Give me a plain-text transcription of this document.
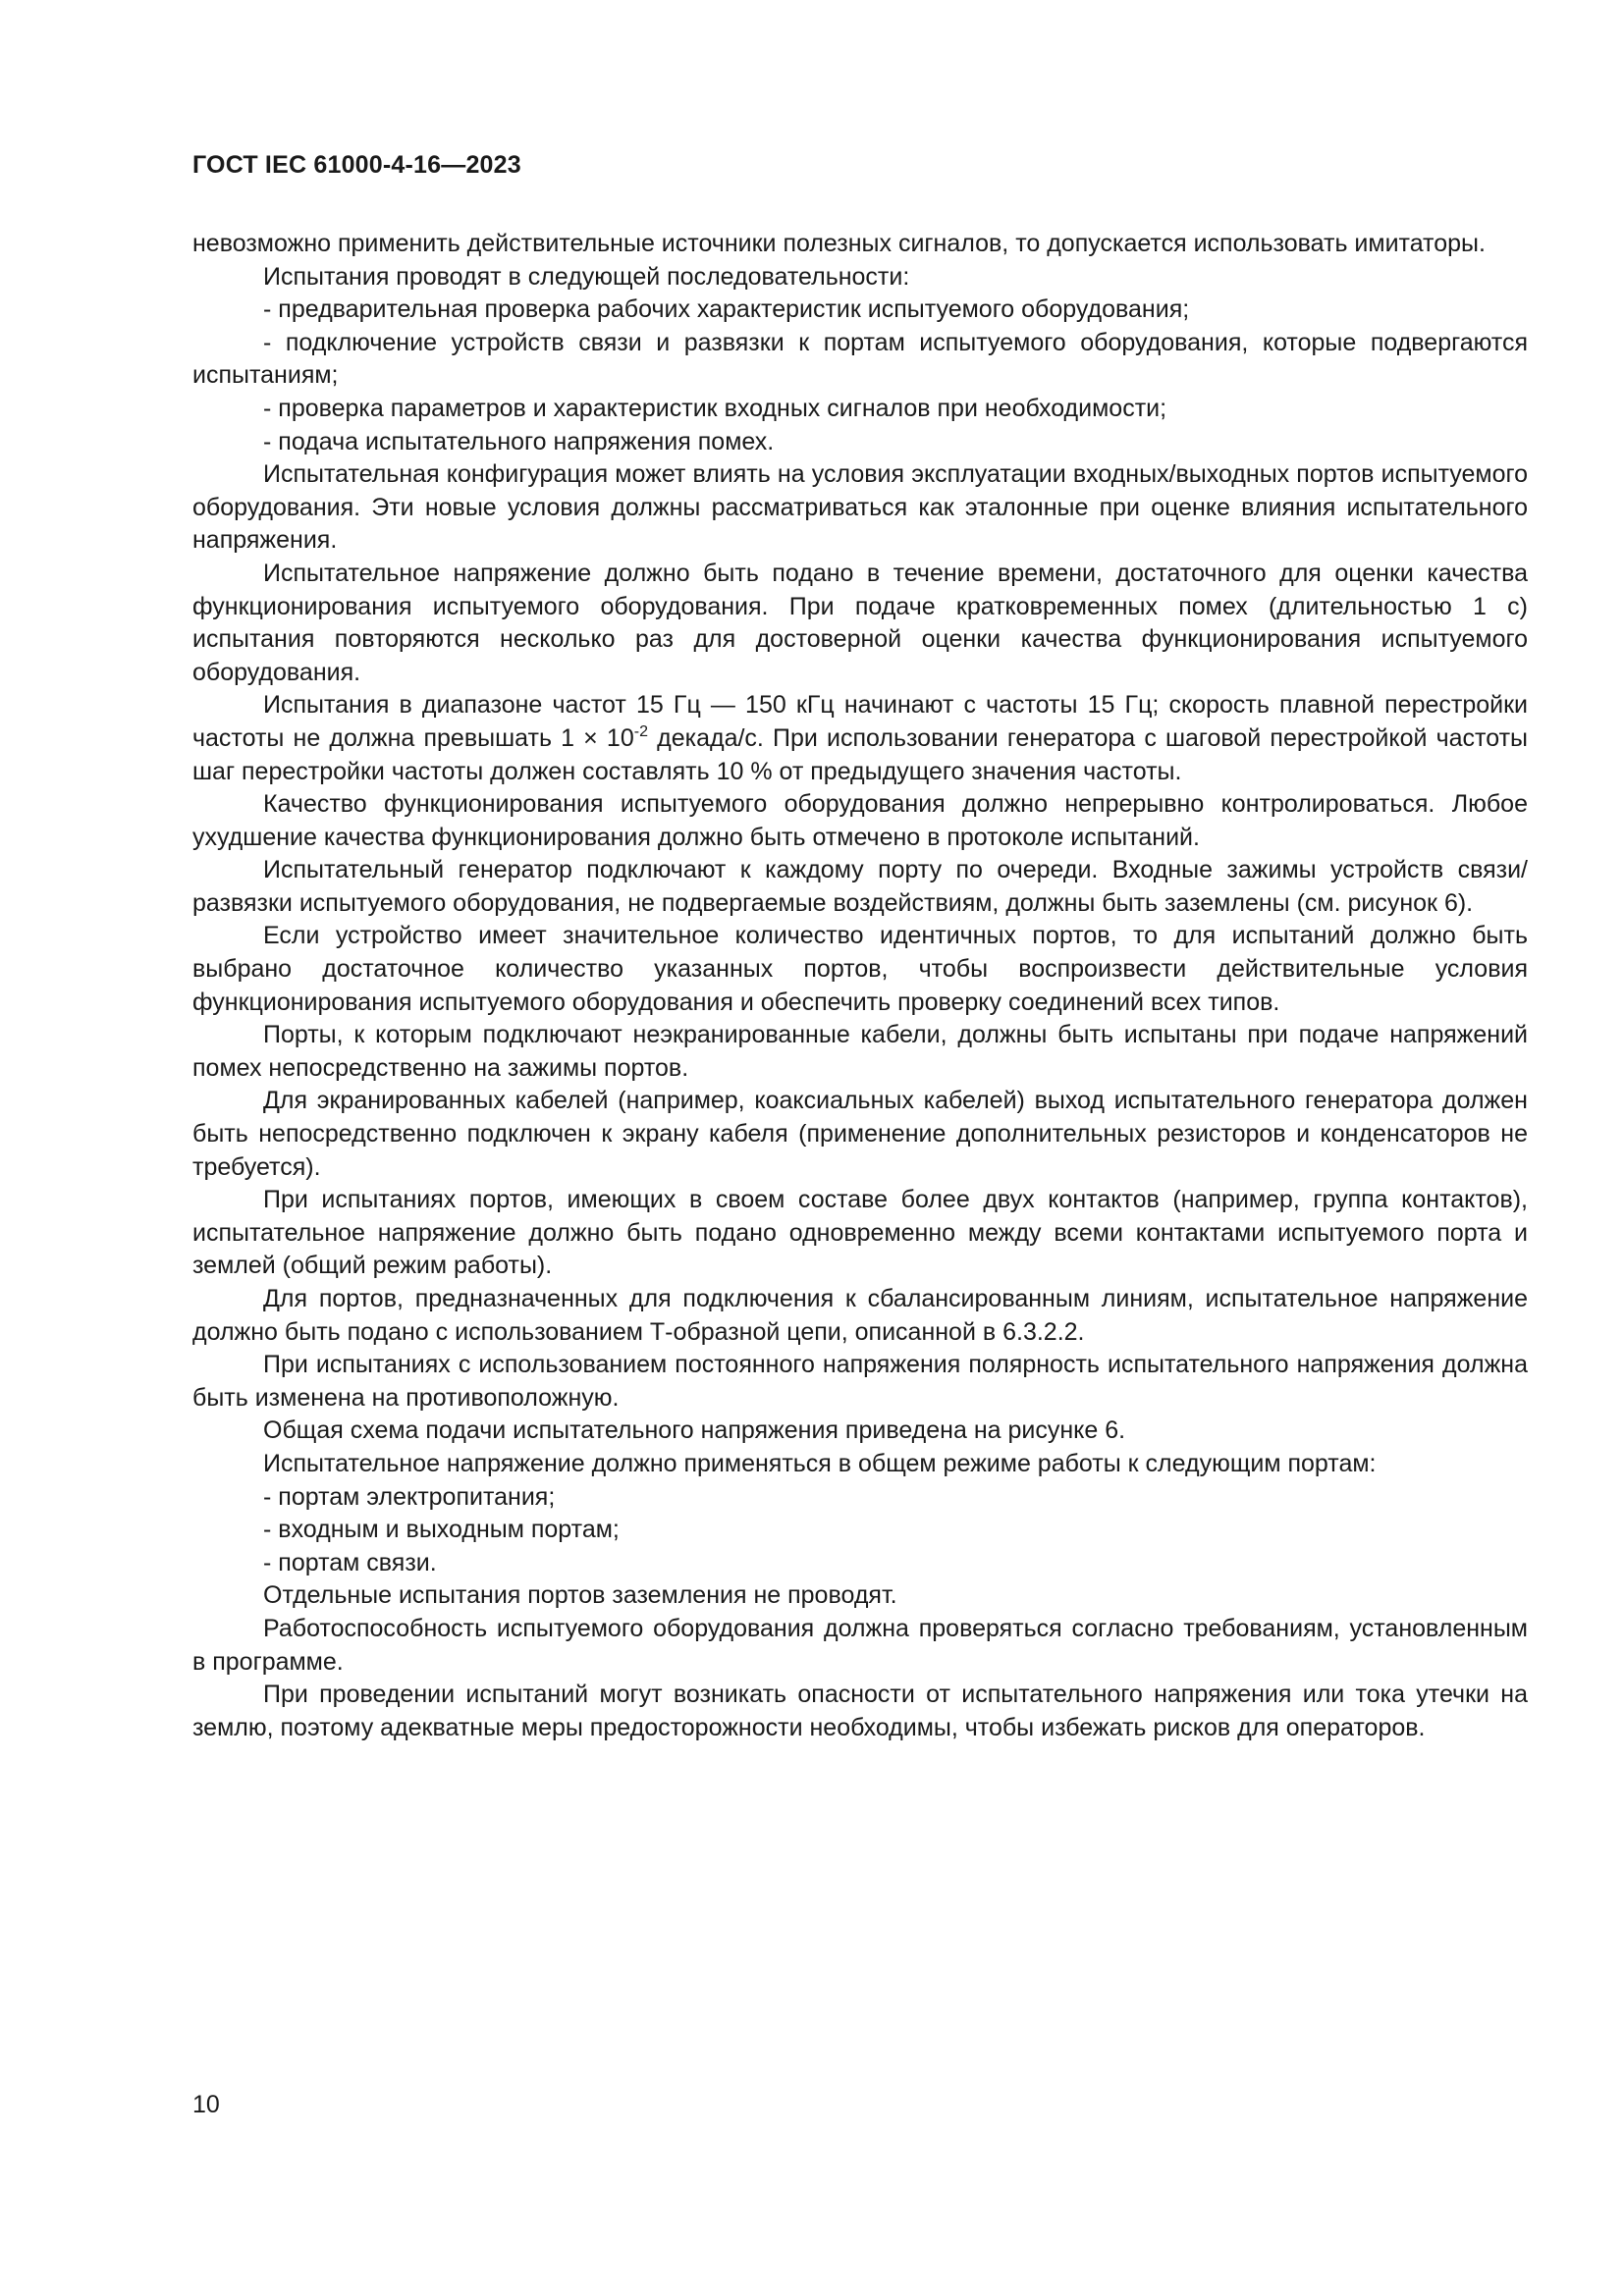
ГОСТ IEC 61000-4-16—2023

невозможно применить действительные источники полезных сигналов, то допускается использовать имитаторы.

Испытания проводят в следующей последовательности:

- предварительная проверка рабочих характеристик испытуемого оборудования;

- подключение устройств связи и развязки к портам испытуемого оборудования, которые подвергаются испытаниям;

- проверка параметров и характеристик входных сигналов при необходимости;

- подача испытательного напряжения помех.

Испытательная конфигурация может влиять на условия эксплуатации входных/выходных портов испытуемого оборудования. Эти новые условия должны рассматриваться как эталонные при оценке влияния испытательного напряжения.

Испытательное напряжение должно быть подано в течение времени, достаточного для оценки качества функционирования испытуемого оборудования. При подаче кратковременных помех (длительностью 1 с) испытания повторяются несколько раз для достоверной оценки качества функционирования испытуемого оборудования.

Испытания в диапазоне частот 15 Гц — 150 кГц начинают с частоты 15 Гц; скорость плавной перестройки частоты не должна превышать $1 \times 10^{-2}$ декада/с. При использовании генератора с шаговой перестройкой частоты шаг перестройки частоты должен составлять 10 % от предыдущего значения частоты.

Качество функционирования испытуемого оборудования должно непрерывно контролироваться. Любое ухудшение качества функционирования должно быть отмечено в протоколе испытаний.

Испытательный генератор подключают к каждому порту по очереди. Входные зажимы устройств связи/развязки испытуемого оборудования, не подвергаемые воздействиям, должны быть заземлены (см. рисунок 6).

Если устройство имеет значительное количество идентичных портов, то для испытаний должно быть выбрано достаточное количество указанных портов, чтобы воспроизвести действительные условия функционирования испытуемого оборудования и обеспечить проверку соединений всех типов.

Порты, к которым подключают неэкранированные кабели, должны быть испытаны при подаче напряжений помех непосредственно на зажимы портов.

Для экранированных кабелей (например, коаксиальных кабелей) выход испытательного генератора должен быть непосредственно подключен к экрану кабеля (применение дополнительных резисторов и конденсаторов не требуется).

При испытаниях портов, имеющих в своем составе более двух контактов (например, группа контактов), испытательное напряжение должно быть подано одновременно между всеми контактами испытуемого порта и землей (общий режим работы).

Для портов, предназначенных для подключения к сбалансированным линиям, испытательное напряжение должно быть подано с использованием Т-образной цепи, описанной в 6.3.2.2.

При испытаниях с использованием постоянного напряжения полярность испытательного напряжения должна быть изменена на противоположную.

Общая схема подачи испытательного напряжения приведена на рисунке 6.

Испытательное напряжение должно применяться в общем режиме работы к следующим портам:

- портам электропитания;

- входным и выходным портам;

- портам связи.

Отдельные испытания портов заземления не проводят.

Работоспособность испытуемого оборудования должна проверяться согласно требованиям, установленным в программе.

При проведении испытаний могут возникать опасности от испытательного напряжения или тока утечки на землю, поэтому адекватные меры предосторожности необходимы, чтобы избежать рисков для операторов.

10
